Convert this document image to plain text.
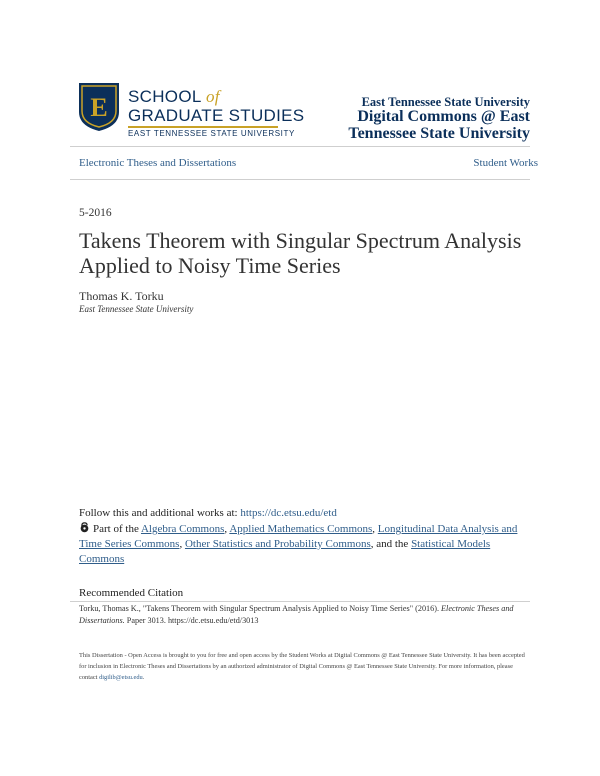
E SCHOOL of
GRADUATE STUDIES
EAST TENNESSEE STATE UNIVERSITY
East Tennessee State University
Digital Commons @ East Tennessee State University
Electronic Theses and Dissertations	Student Works
5-2016
Takens Theorem with Singular Spectrum Analysis Applied to Noisy Time Series
Thomas K. Torku
East Tennessee State University
Follow this and additional works at: https://dc.etsu.edu/etd
Part of the Algebra Commons, Applied Mathematics Commons, Longitudinal Data Analysis and Time Series Commons, Other Statistics and Probability Commons, and the Statistical Models Commons
Recommended Citation
Torku, Thomas K., "Takens Theorem with Singular Spectrum Analysis Applied to Noisy Time Series" (2016). Electronic Theses and Dissertations. Paper 3013. https://dc.etsu.edu/etd/3013
This Dissertation - Open Access is brought to you for free and open access by the Student Works at Digital Commons @ East Tennessee State University. It has been accepted for inclusion in Electronic Theses and Dissertations by an authorized administrator of Digital Commons @ East Tennessee State University. For more information, please contact digilib@etsu.edu.
